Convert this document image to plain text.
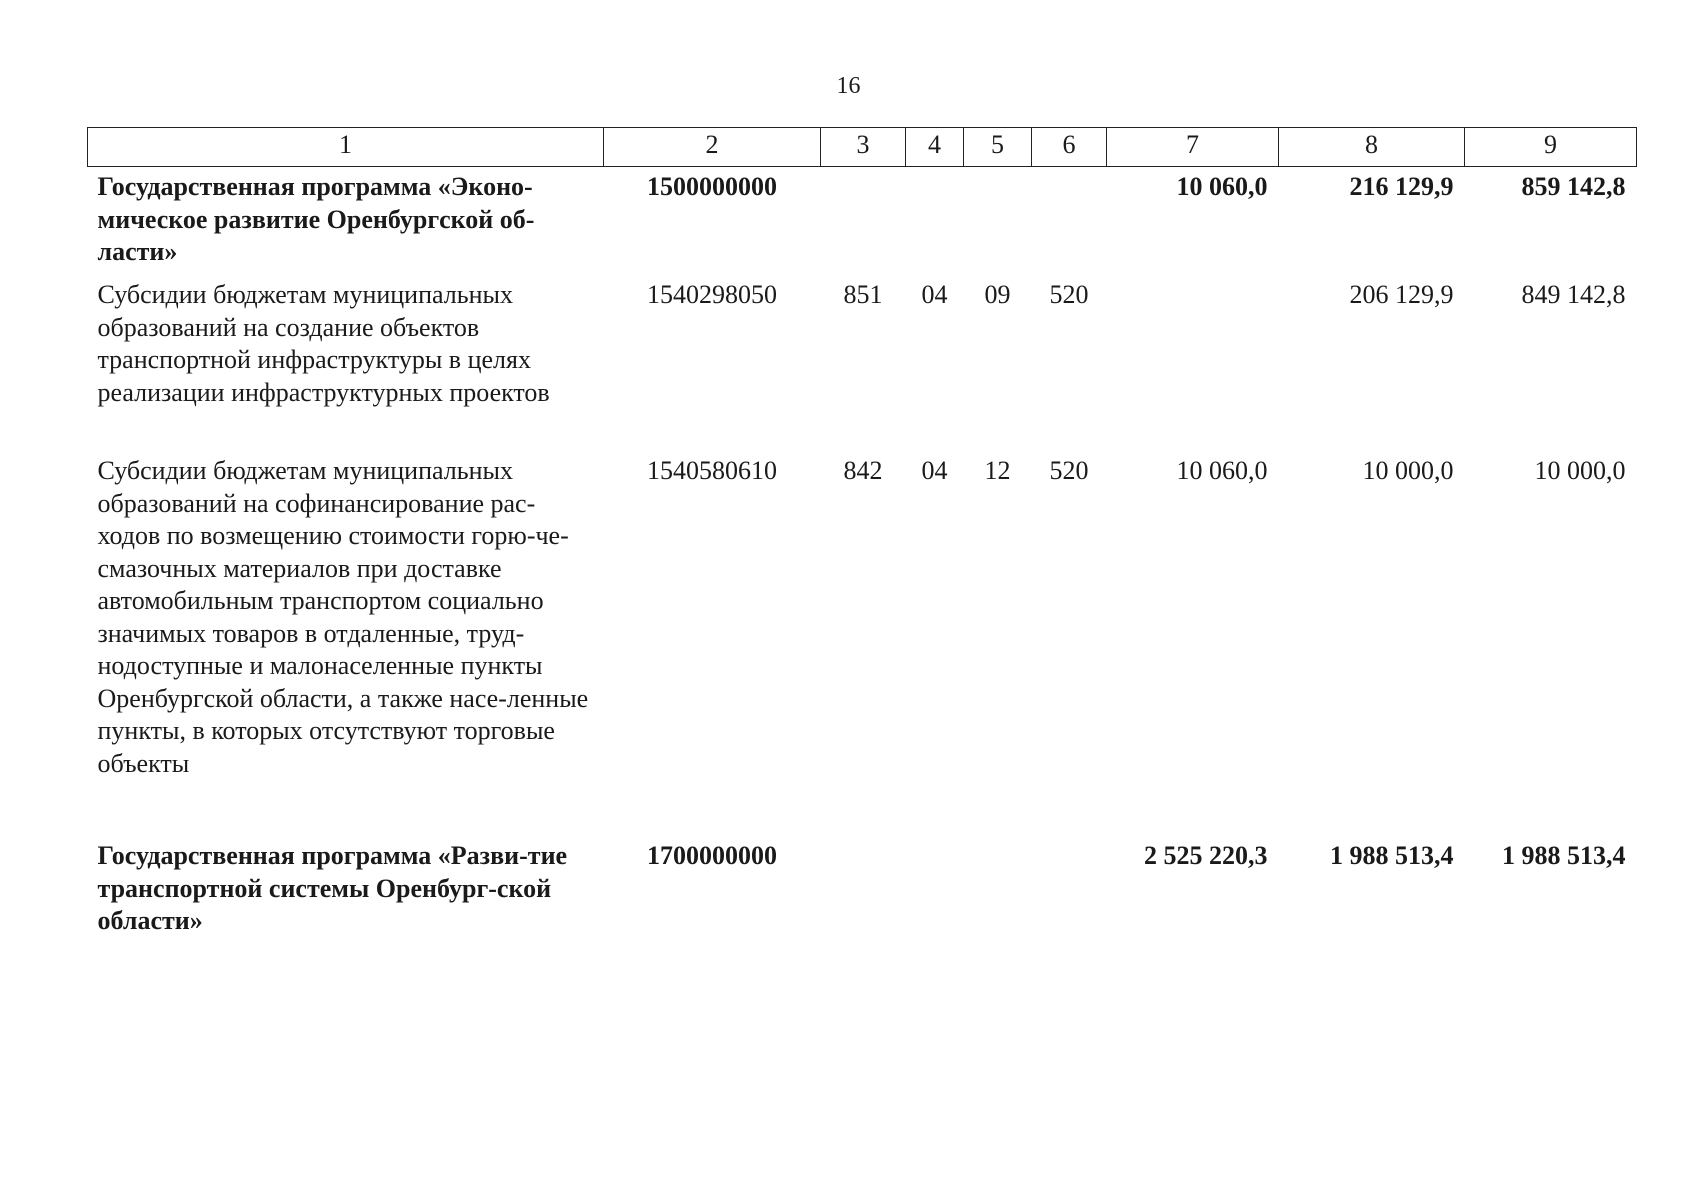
16
1	2	3	4	5	6	7	8	9
Государственная программа «Эконо-мическое развитие Оренбургской об-ласти»	1500000000					10 060,0	216 129,9	859 142,8
Субсидии бюджетам муниципальных образований на создание объектов транспортной инфраструктуры в целях реализации инфраструктурных проектов	1540298050	851	04	09	520		206 129,9	849 142,8
Субсидии бюджетам муниципальных образований на софинансирование рас-ходов по возмещению стоимости горю-че-смазочных материалов при доставке автомобильным транспортом социально значимых товаров в отдаленные, труд-нодоступные и малонаселенные пункты Оренбургской области, а также насе-ленные пункты, в которых отсутствуют торговые объекты	1540580610	842	04	12	520	10 060,0	10 000,0	10 000,0
Государственная программа «Разви-тие транспортной системы Оренбург-ской области»	1700000000					2 525 220,3	1 988 513,4	1 988 513,4
